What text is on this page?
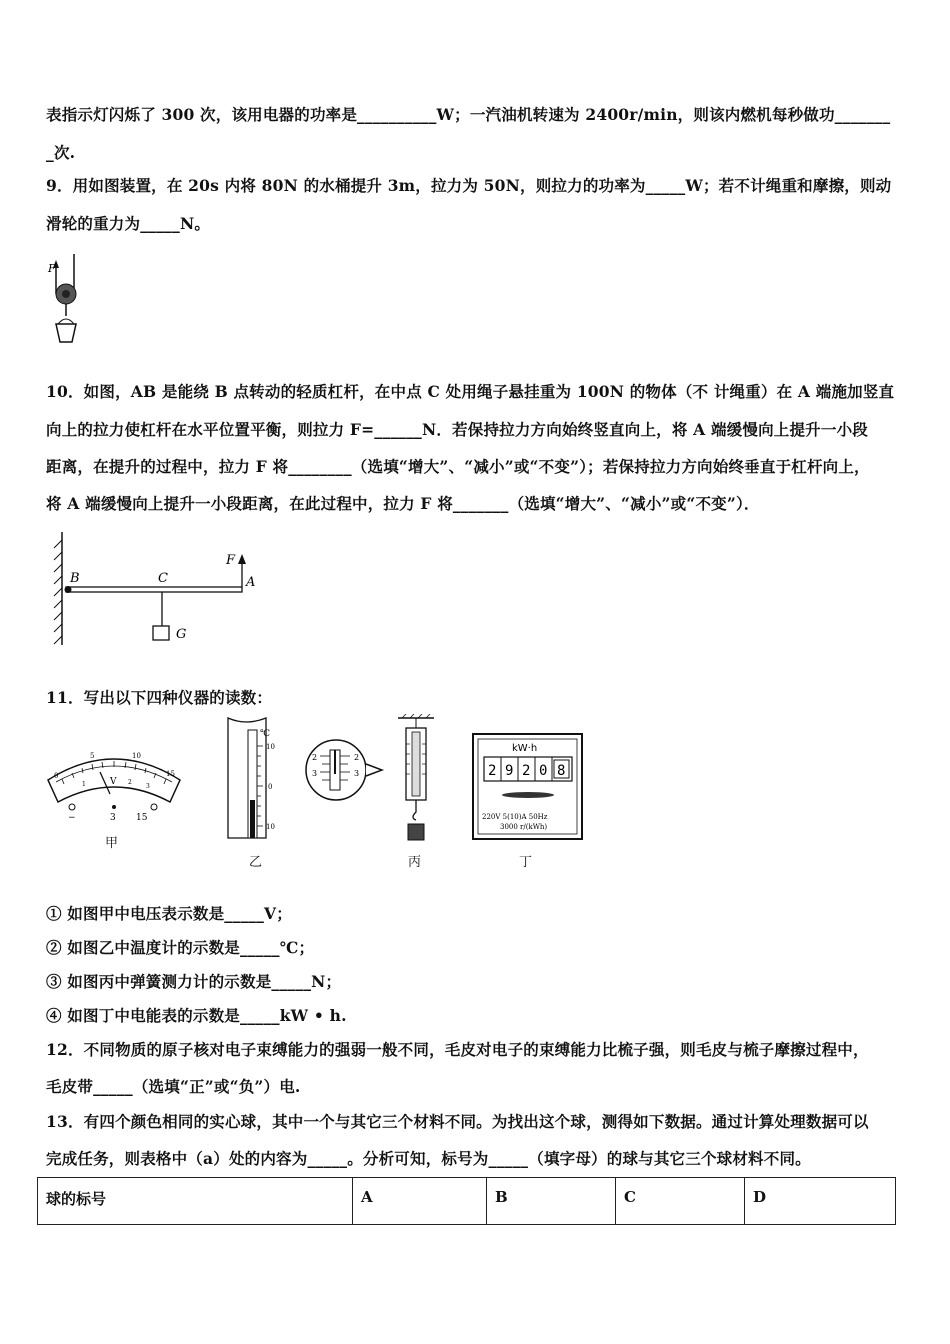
表指示灯闪烁了 300 次，该用电器的功率是__________W；一汽油机转速为 2400r/min，则该内燃机每秒做功_______
_次.
9．用如图装置，在 20s 内将 80N 的水桶提升 3m，拉力为 50N，则拉力的功率为_____W；若不计绳重和摩擦，则动
滑轮的重力为_____N。
F
10．如图，AB 是能绕 B 点转动的轻质杠杆，在中点 C 处用绳子悬挂重为 100N 的物体（不 计绳重）在 A 端施加竖直
向上的拉力使杠杆在水平位置平衡，则拉力 F=______N．若保持拉力方向始终竖直向上，将 A 端缓慢向上提升一小段
距离，在提升的过程中，拉力 F 将________（选填“增大”、“减小”或“不变”）；若保持拉力方向始终垂直于杠杆向上，
将 A 端缓慢向上提升一小段距离，在此过程中，拉力 F 将_______（选填“增大”、“减小”或“不变”）．
B	C	A
F
G
11．写出以下四种仪器的读数：
0
5	10
15
1	2
3
V
−	3 15
℃
10
0
10
2
3
2
3
kW·h
2 9 2 0 8
220V 5(10)A 50Hz
3000 r/(kWh)
甲
乙	丙	丁
① 如图甲中电压表示数是_____V；
② 如图乙中温度计的示数是_____℃；
③ 如图丙中弹簧测力计的示数是_____N；
④ 如图丁中电能表的示数是_____kW • h.
12．不同物质的原子核对电子束缚能力的强弱一般不同，毛皮对电子的束缚能力比梳子强，则毛皮与梳子摩擦过程中，
毛皮带_____（选填“正”或“负”）电.
13．有四个颜色相同的实心球，其中一个与其它三个材料不同。为找出这个球，测得如下数据。通过计算处理数据可以
完成任务，则表格中（a）处的内容为_____。分析可知，标号为_____（填字母）的球与其它三个球材料不同。
球的标号	A	B	C	D
